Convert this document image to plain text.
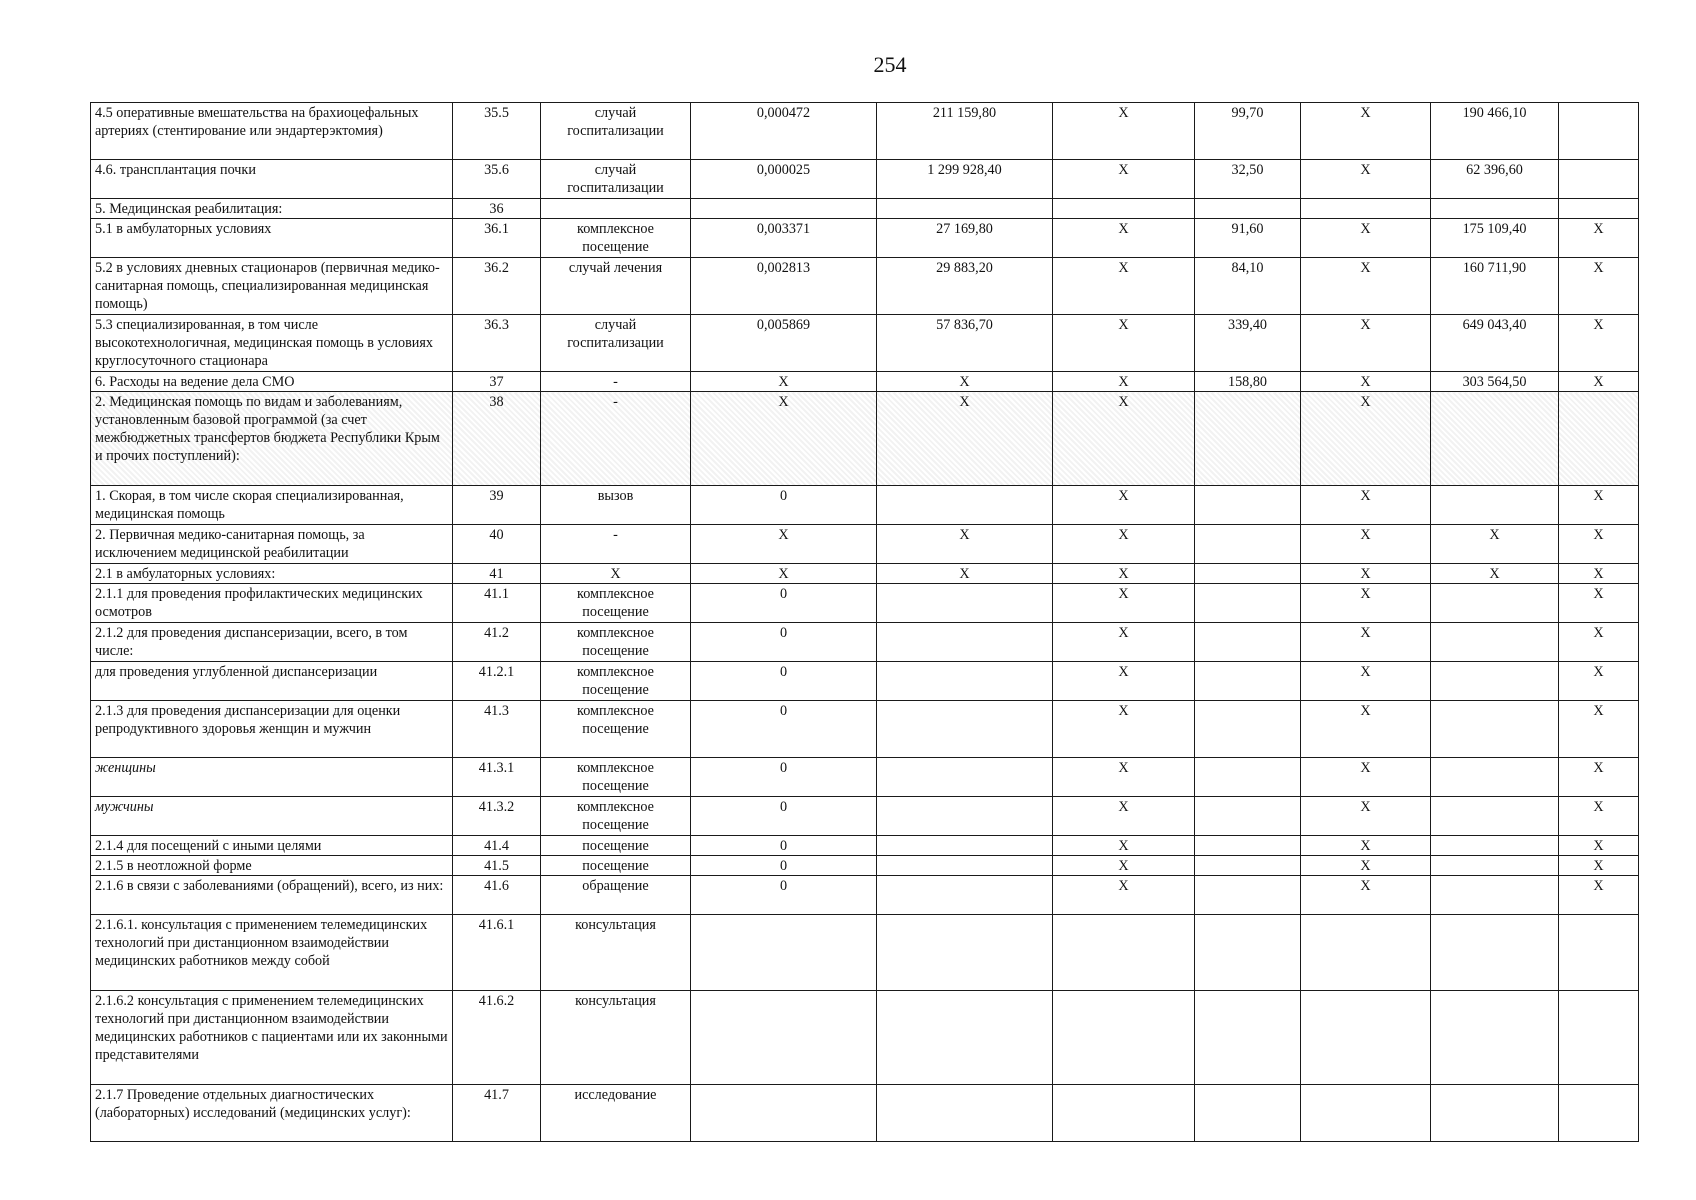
254
4.5 оперативные вмешательства на брахиоцефальных артериях (стентирование или эндартерэктомия)	35.5	случай госпитализации	0,000472	211 159,80	X	99,70	X	190 466,10	
4.6. трансплантация почки	35.6	случай госпитализации	0,000025	1 299 928,40	X	32,50	X	62 396,60	
5. Медицинская реабилитация:	36								
5.1 в амбулаторных условиях	36.1	комплексное посещение	0,003371	27 169,80	X	91,60	X	175 109,40	X
5.2 в условиях дневных стационаров (первичная медико-санитарная помощь, специализированная медицинская помощь)	36.2	случай лечения	0,002813	29 883,20	X	84,10	X	160 711,90	X
5.3 специализированная, в том числе высокотехнологичная, медицинская помощь в условиях круглосуточного стационара	36.3	случай госпитализации	0,005869	57 836,70	X	339,40	X	649 043,40	X
6. Расходы на ведение дела СМО	37	-	X	X	X	158,80	X	303 564,50	X
2. Медицинская помощь по видам и заболеваниям, установленным базовой программой (за счет межбюджетных трансфертов бюджета Республики Крым и прочих поступлений):	38	-	X	X	X		X		
1. Скорая, в том числе скорая специализированная, медицинская помощь	39	вызов	0		X		X		X
2. Первичная медико-санитарная помощь, за исключением медицинской реабилитации	40	-	X	X	X		X	X	X
2.1 в амбулаторных условиях:	41	X	X	X	X		X	X	X
2.1.1 для проведения профилактических медицинских осмотров	41.1	комплексное посещение	0		X		X		X
2.1.2 для проведения диспансеризации, всего, в том числе:	41.2	комплексное посещение	0		X		X		X
для проведения углубленной диспансеризации	41.2.1	комплексное посещение	0		X		X		X
2.1.3 для проведения диспансеризации для оценки репродуктивного здоровья женщин и мужчин	41.3	комплексное посещение	0		X		X		X
женщины	41.3.1	комплексное посещение	0		X		X		X
мужчины	41.3.2	комплексное посещение	0		X		X		X
2.1.4 для посещений с иными целями	41.4	посещение	0		X		X		X
2.1.5 в неотложной форме	41.5	посещение	0		X		X		X
2.1.6 в связи с заболеваниями (обращений), всего, из них:	41.6	обращение	0		X		X		X
2.1.6.1. консультация с применением телемедицинских технологий при дистанционном взаимодействии медицинских работников между собой	41.6.1	консультация							
2.1.6.2 консультация с применением телемедицинских технологий при дистанционном взаимодействии медицинских работников с пациентами или их законными представителями	41.6.2	консультация							
2.1.7 Проведение отдельных диагностических (лабораторных) исследований (медицинских услуг):	41.7	исследование							
